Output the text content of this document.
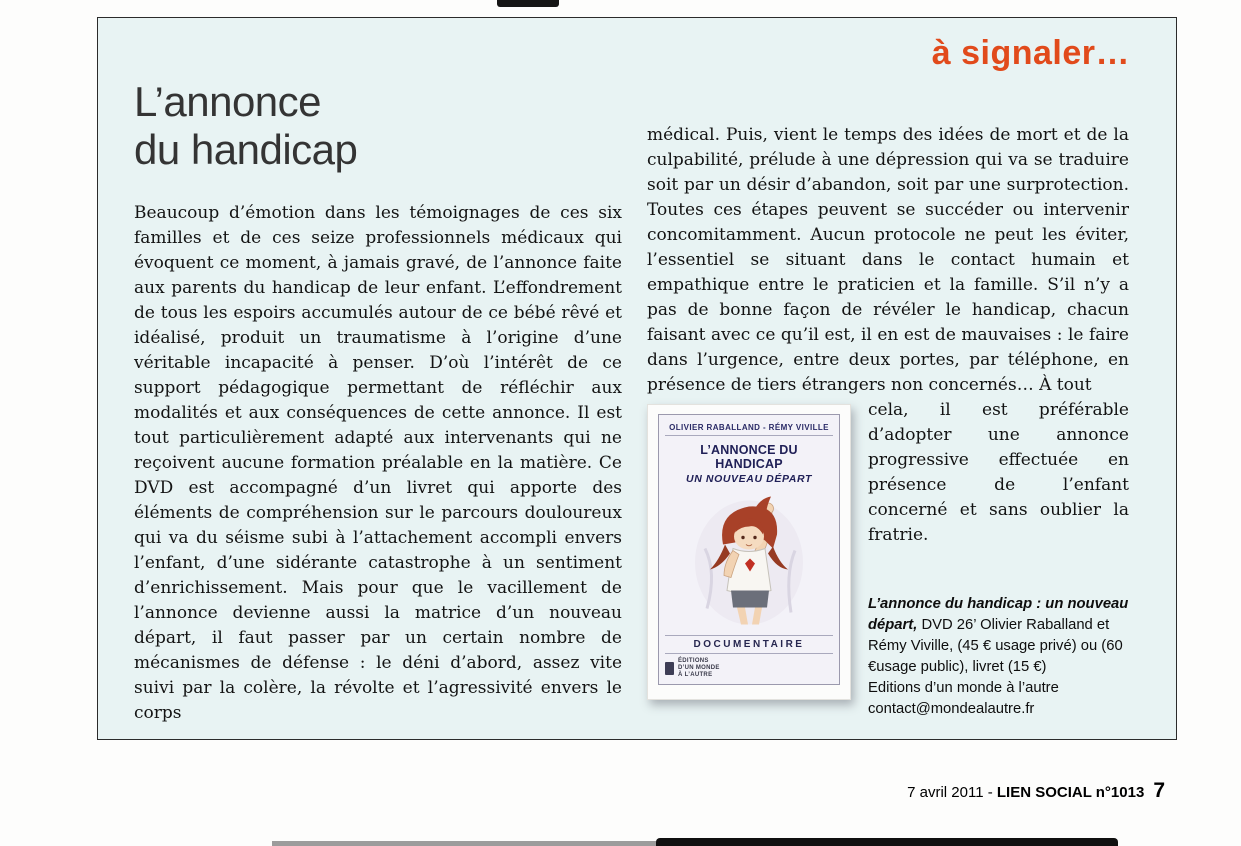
à signaler…
L’annonce
du handicap
Beaucoup d’émotion dans les témoignages de ces six familles et de ces seize professionnels médicaux qui évoquent ce moment, à jamais gravé, de l’annonce faite aux parents du handicap de leur enfant. L’effondrement de tous les espoirs accumulés autour de ce bébé rêvé et idéalisé, produit un traumatisme à l’origine d’une véritable incapacité à penser. D’où l’intérêt de ce support pédagogique permettant de réfléchir aux modalités et aux conséquences de cette annonce. Il est tout particulièrement adapté aux intervenants qui ne reçoivent aucune formation préalable en la matière. Ce DVD est accompagné d’un livret qui apporte des éléments de compréhension sur le parcours douloureux qui va du séisme subi à l’attachement accompli envers l’enfant, d’une sidérante catastrophe à un sentiment d’enrichissement. Mais pour que le vacillement de l’annonce devienne aussi la matrice d’un nouveau départ, il faut passer par un certain nombre de mécanismes de défense : le déni d’abord, assez vite suivi par la colère, la révolte et l’agressivité envers le corps

médical. Puis, vient le temps des idées de mort et de la culpabilité, prélude à une dépression qui va se traduire soit par un désir d’abandon, soit par une surprotection. Toutes ces étapes peuvent se succéder ou intervenir concomitamment. Aucun protocole ne peut les éviter, l’essentiel se situant dans le contact humain et empathique entre le praticien et la famille. S’il n’y a pas de bonne façon de révéler le handicap, chacun faisant avec ce qu’il est, il en est de mauvaises : le faire dans l’urgence, entre deux portes, par téléphone, en présence de tiers étrangers non concernés… À tout

OLIVIER RABALLAND - RÉMY VIVILLE
L’ANNONCE DU HANDICAP
UN NOUVEAU DÉPART
DOCUMENTAIRE
ÉDITIONS
D’UN MONDE
À L’AUTRE

cela, il est préférable d’adopter une annonce progressive effectuée en présence de l’enfant concerné et sans oublier la fratrie.

L’annonce du handicap : un nouveau départ, DVD 26’ Olivier Raballand et Rémy Viville, (45 € usage privé) ou (60 €usage public), livret (15 €)

Editions d’un monde à l’autre
contact@mondealautre.fr
7 avril 2011 - LIEN SOCIAL n°1013 7
